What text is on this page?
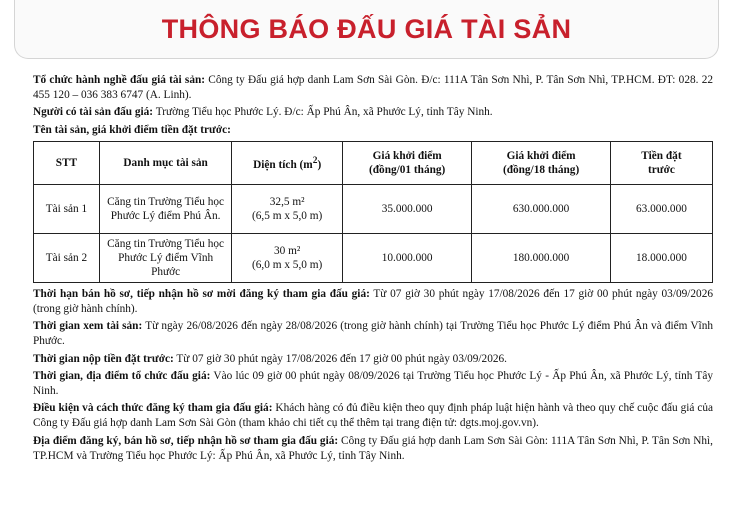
THÔNG BÁO ĐẤU GIÁ TÀI SẢN

Tổ chức hành nghề đấu giá tài sản: Công ty Đấu giá hợp danh Lam Sơn Sài Gòn. Đ/c: 111A Tân Sơn Nhì, P. Tân Sơn Nhì, TP.HCM. ĐT: 028. 22 455 120 – 036 383 6747 (A. Linh).

Người có tài sản đấu giá: Trường Tiểu học Phước Lý. Đ/c: Ấp Phú Ân, xã Phước Lý, tỉnh Tây Ninh.

Tên tài sản, giá khởi điểm tiền đặt trước:

STT	Danh mục tài sản	Diện tích $(m^2)$	Giá khởi điểm
(đồng/01 tháng)	Giá khởi điểm
(đồng/18 tháng)	Tiền đặt
trước

Tài sản 1	Căng tin Trường Tiểu học Phước Lý điểm Phú Ân.	32,5 m²
(6,5 m x 5,0 m)	35.000.000	630.000.000	63.000.000
Tài sản 2	Căng tin Trường Tiểu học Phước Lý điểm Vĩnh Phước	30 m²
(6,0 m x 5,0 m)	10.000.000	180.000.000	18.000.000

Thời hạn bán hồ sơ, tiếp nhận hồ sơ mời đăng ký tham gia đấu giá: Từ 07 giờ 30 phút ngày 17/08/2026 đến 17 giờ 00 phút ngày 03/09/2026 (trong giờ hành chính).

Thời gian xem tài sản: Từ ngày 26/08/2026 đến ngày 28/08/2026 (trong giờ hành chính) tại Trường Tiểu học Phước Lý điểm Phú Ân và điểm Vĩnh Phước.

Thời gian nộp tiền đặt trước: Từ 07 giờ 30 phút ngày 17/08/2026 đến 17 giờ 00 phút ngày 03/09/2026.

Thời gian, địa điểm tổ chức đấu giá: Vào lúc 09 giờ 00 phút ngày 08/09/2026 tại Trường Tiểu học Phước Lý - Ấp Phú Ân, xã Phước Lý, tỉnh Tây Ninh.

Điều kiện và cách thức đăng ký tham gia đấu giá: Khách hàng có đủ điều kiện theo quy định pháp luật hiện hành và theo quy chế cuộc đấu giá của Công ty Đấu giá hợp danh Lam Sơn Sài Gòn (tham khảo chi tiết cụ thể thêm tại trang điện tử: dgts.moj.gov.vn).

Địa điểm đăng ký, bán hồ sơ, tiếp nhận hồ sơ tham gia đấu giá: Công ty Đấu giá hợp danh Lam Sơn Sài Gòn: 111A Tân Sơn Nhì, P. Tân Sơn Nhì, TP.HCM và Trường Tiểu học Phước Lý: Ấp Phú Ân, xã Phước Lý, tỉnh Tây Ninh.
